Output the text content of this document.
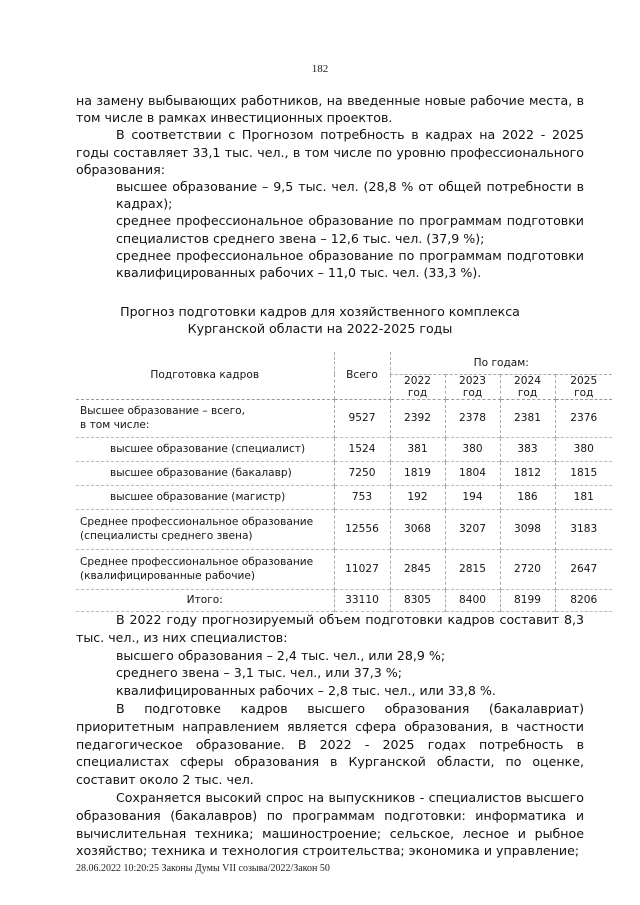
182

на замену выбывающих работников, на введенные новые рабочие места, в том числе в рамках инвестиционных проектов.

В соответствии с Прогнозом потребность в кадрах на 2022 - 2025 годы составляет 33,1 тыс. чел., в том числе по уровню профессионального образования:

высшее образование – 9,5 тыс. чел. (28,8 % от общей потребности в кадрах);

среднее профессиональное образование по программам подготовки специалистов среднего звена – 12,6 тыс. чел. (37,9 %);

среднее профессиональное образование по программам подготовки квалифицированных рабочих – 11,0 тыс. чел. (33,3 %).

Прогноз подготовки кадров для хозяйственного комплекса
Курганской области на 2022-2025 годы
Подготовка кадров	Всего	По годам:			
		2022 год	2023 год	2024 год	2025 год
Высшее образование – всего,
в том числе:	9527	2392	2378	2381	2376
высшее образование (специалист)	1524	381	380	383	380
высшее образование (бакалавр)	7250	1819	1804	1812	1815
высшее образование (магистр)	753	192	194	186	181
Среднее профессиональное образование
(специалисты среднего звена)	12556	3068	3207	3098	3183
Среднее профессиональное образование
(квалифицированные рабочие)	11027	2845	2815	2720	2647
Итого:	33110	8305	8400	8199	8206

В 2022 году прогнозируемый объем подготовки кадров составит 8,3 тыс. чел., из них специалистов:

высшего образования – 2,4 тыс. чел., или 28,9 %;

среднего звена – 3,1 тыс. чел., или 37,3 %;

квалифицированных рабочих – 2,8 тыс. чел., или 33,8 %.

В подготовке кадров высшего образования (бакалавриат) приоритетным направлением является сфера образования, в частности педагогическое образование. В 2022 - 2025 годах потребность в специалистах сферы образования в Курганской области, по оценке, составит около 2 тыс. чел.

Сохраняется высокий спрос на выпускников - специалистов высшего образования (бакалавров) по программам подготовки: информатика и вычислительная техника; машиностроение; сельское, лесное и рыбное хозяйство; техника и технология строительства; экономика и управление;

28.06.2022 10:20:25 Законы Думы VII созыва/2022/Закон 50
